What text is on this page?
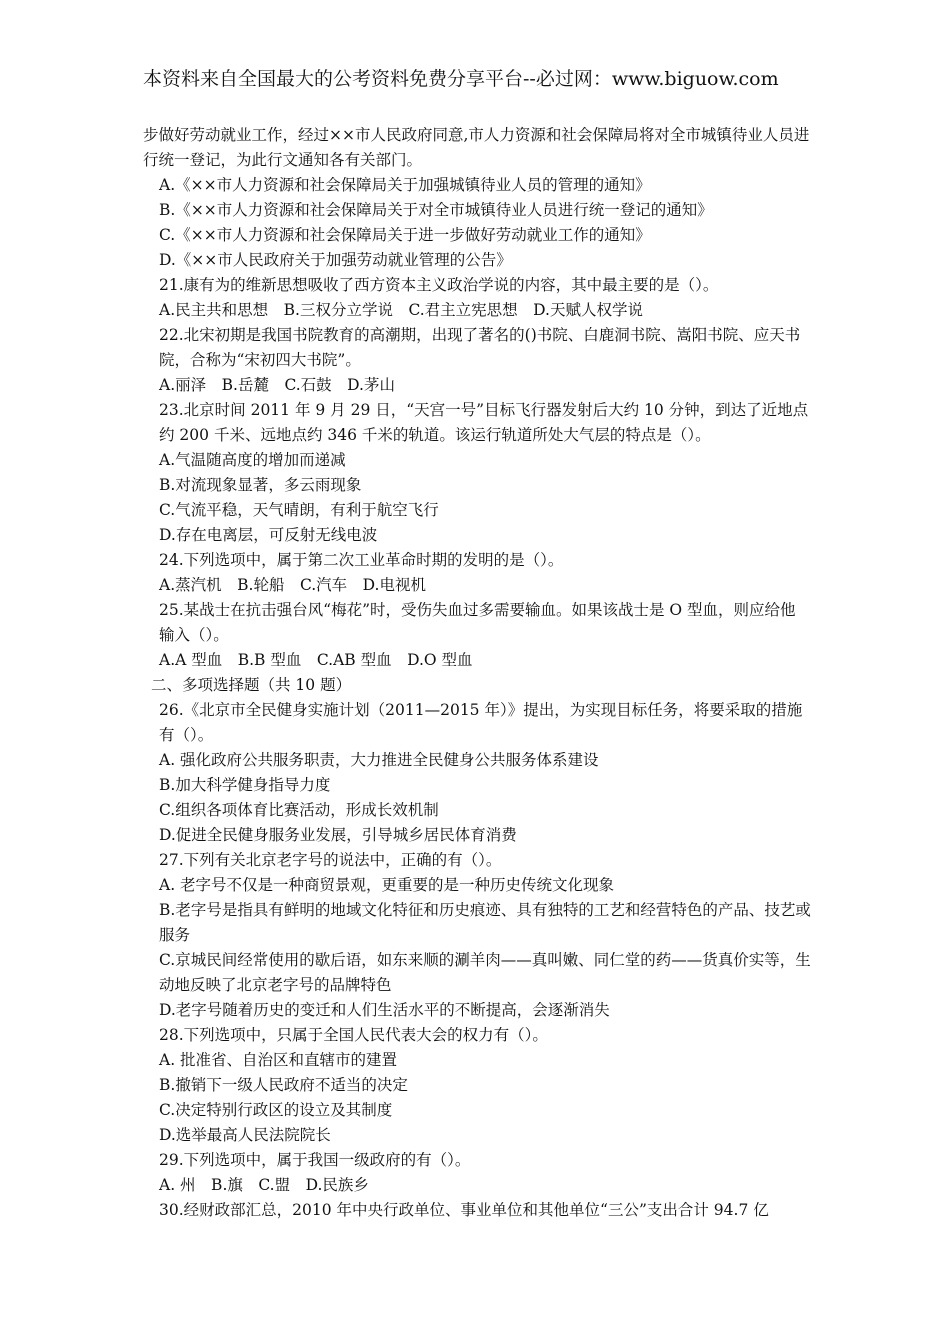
本资料来自全国最大的公考资料免费分享平台--必过网：www.biguow.com

步做好劳动就业工作，经过××市人民政府同意,市人力资源和社会保障局将对全市城镇待业人员进行统一登记，为此行文通知各有关部门。

A.《××市人力资源和社会保障局关于加强城镇待业人员的管理的通知》

B.《××市人力资源和社会保障局关于对全市城镇待业人员进行统一登记的通知》

C.《××市人力资源和社会保障局关于进一步做好劳动就业工作的通知》

D.《××市人民政府关于加强劳动就业管理的公告》

21.康有为的维新思想吸收了西方资本主义政治学说的内容，其中最主要的是（）。

A.民主共和思想　B.三权分立学说　C.君主立宪思想　D.天赋人权学说

22.北宋初期是我国书院教育的高潮期，出现了著名的()书院、白鹿洞书院、嵩阳书院、应天书院，合称为“宋初四大书院”。

A.丽泽　B.岳麓　C.石鼓　D.茅山

23.北京时间 2011 年 9 月 29 日，“天宫一号”目标飞行器发射后大约 10 分钟，到达了近地点约 200 千米、远地点约 346 千米的轨道。该运行轨道所处大气层的特点是（）。

A.气温随高度的增加而递减

B.对流现象显著，多云雨现象

C.气流平稳，天气晴朗，有利于航空飞行

D.存在电离层，可反射无线电波

24.下列选项中，属于第二次工业革命时期的发明的是（）。

A.蒸汽机　B.轮船　C.汽车　D.电视机

25.某战士在抗击强台风“梅花”时，受伤失血过多需要输血。如果该战士是 O 型血，则应给他输入（）。

A.A 型血　B.B 型血　C.AB 型血　D.O 型血

二、多项选择题（共 10 题）

26.《北京市全民健身实施计划（2011—2015 年）》提出，为实现目标任务，将要采取的措施有（）。

A. 强化政府公共服务职责，大力推进全民健身公共服务体系建设

B.加大科学健身指导力度

C.组织各项体育比赛活动，形成长效机制

D.促进全民健身服务业发展，引导城乡居民体育消费

27.下列有关北京老字号的说法中，正确的有（）。

A. 老字号不仅是一种商贸景观，更重要的是一种历史传统文化现象

B.老字号是指具有鲜明的地域文化特征和历史痕迹、具有独特的工艺和经营特色的产品、技艺或服务

C.京城民间经常使用的歇后语，如东来顺的涮羊肉——真叫嫩、同仁堂的药——货真价实等，生动地反映了北京老字号的品牌特色

D.老字号随着历史的变迁和人们生活水平的不断提高，会逐渐消失

28.下列选项中，只属于全国人民代表大会的权力有（）。

A. 批准省、自治区和直辖市的建置

B.撤销下一级人民政府不适当的决定

C.决定特别行政区的设立及其制度

D.选举最高人民法院院长

29.下列选项中，属于我国一级政府的有（）。

A. 州　B.旗　C.盟　D.民族乡

30.经财政部汇总，2010 年中央行政单位、事业单位和其他单位“三公”支出合计 94.7 亿
